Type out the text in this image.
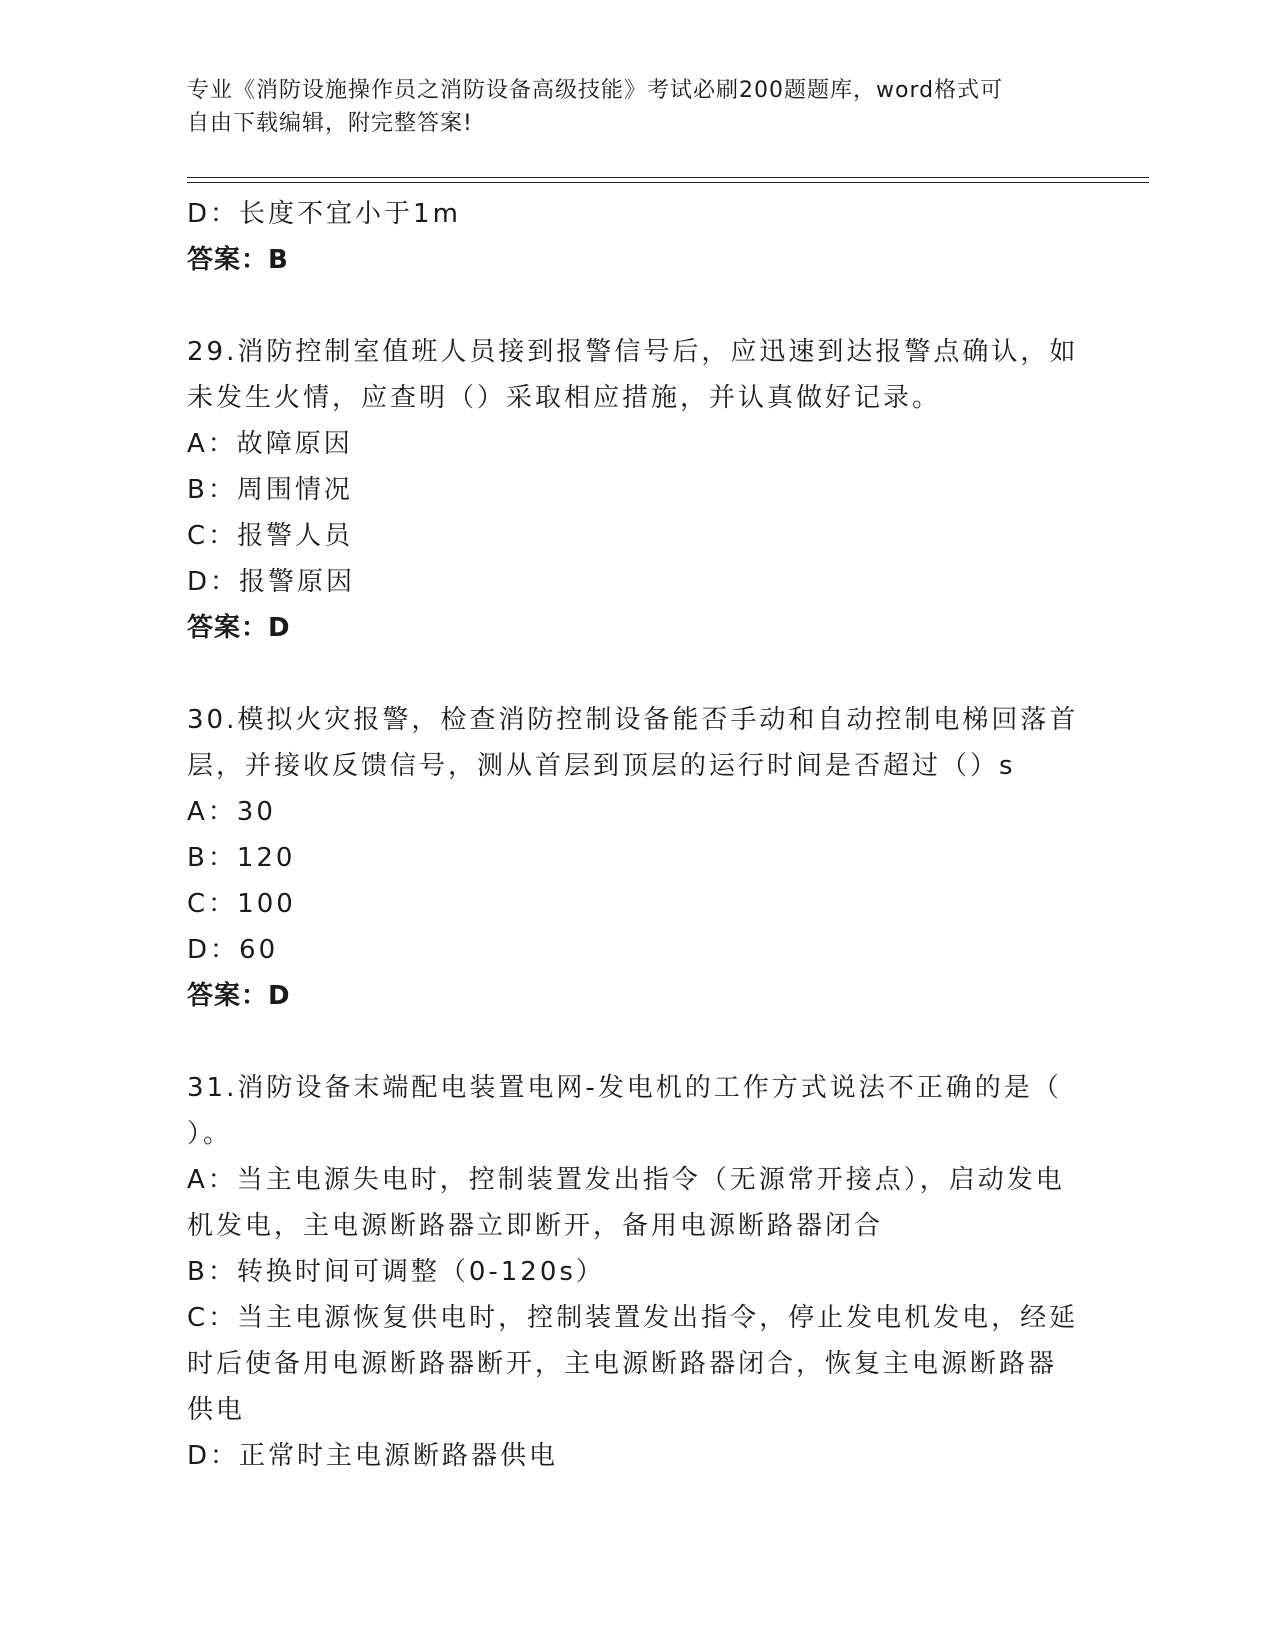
专业《消防设施操作员之消防设备高级技能》考试必刷200题题库，word格式可
自由下载编辑，附完整答案!
D：长度不宜小于1m
答案：B
29.消防控制室值班人员接到报警信号后，应迅速到达报警点确认，如
未发生火情，应查明（）采取相应措施，并认真做好记录。
A：故障原因
B：周围情况
C：报警人员
D：报警原因
答案：D
30.模拟火灾报警，检查消防控制设备能否手动和自动控制电梯回落首
层，并接收反馈信号，测从首层到顶层的运行时间是否超过（）s
A：30
B：120
C：100
D：60
答案：D
31.消防设备末端配电装置电网-发电机的工作方式说法不正确的是（
）。
A：当主电源失电时，控制装置发出指令（无源常开接点），启动发电
机发电，主电源断路器立即断开，备用电源断路器闭合
B：转换时间可调整（0-120s）
C：当主电源恢复供电时，控制装置发出指令，停止发电机发电，经延
时后使备用电源断路器断开，主电源断路器闭合，恢复主电源断路器
供电
D：正常时主电源断路器供电
